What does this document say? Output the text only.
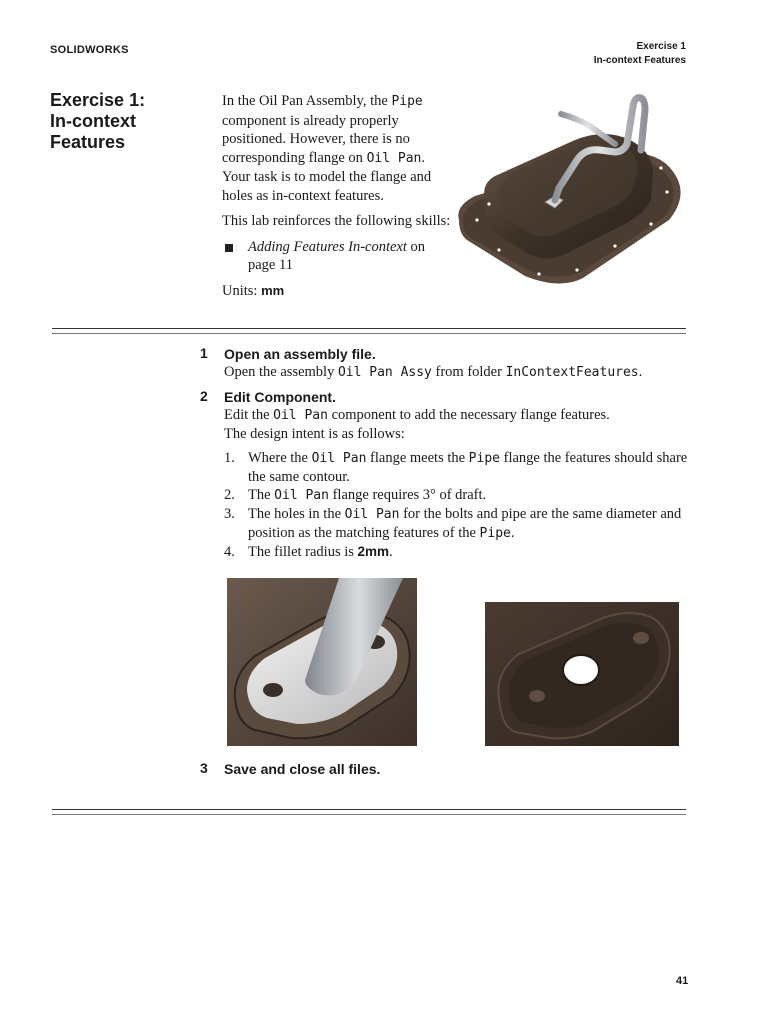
SOLIDWORKS	Exercise 1
In-context Features
Exercise 1:
In-context
Features

In the Oil Pan Assembly, the Pipe component is already properly positioned. However, there is no corresponding flange on Oil Pan. Your task is to model the flange and holes as in-context features.

This lab reinforces the following skills:

Adding Features In-context on page 11

Units: mm

1 Open an assembly file.

Open the assembly Oil Pan Assy from folder InContextFeatures.

2 Edit Component.

Edit the Oil Pan component to add the necessary flange features.

The design intent is as follows:

1. Where the Oil Pan flange meets the Pipe flange the features should share the same contour.
2. The Oil Pan flange requires 3° of draft.
3. The holes in the Oil Pan for the bolts and pipe are the same diameter and position as the matching features of the Pipe.
4. The fillet radius is 2mm.
3 Save and close all files.
41
